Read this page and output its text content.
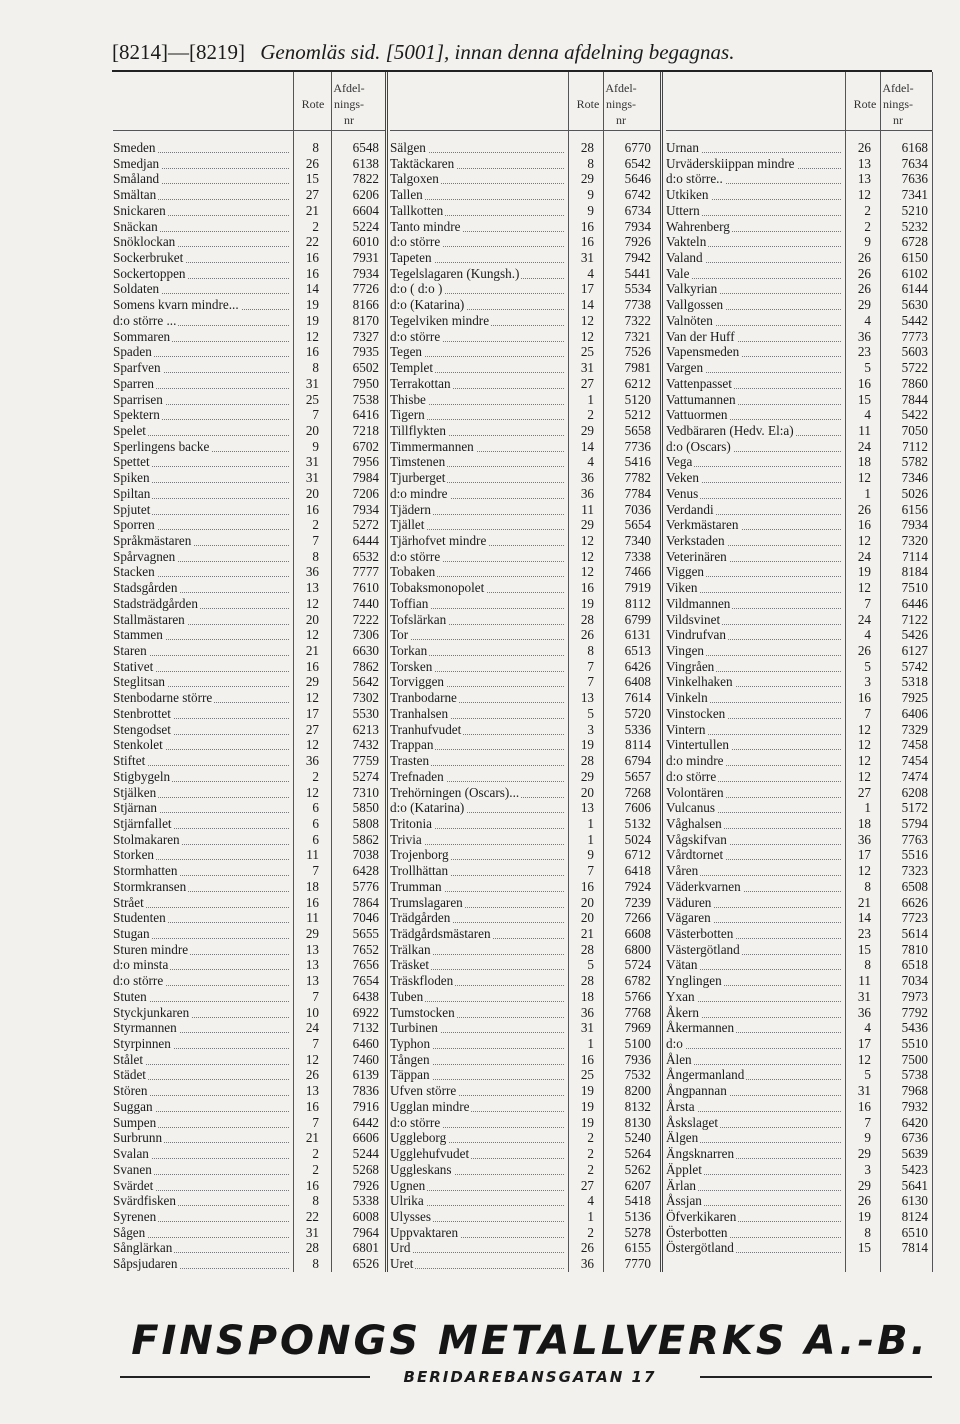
[8214]—[8219] Genomläs sid. [5001], innan denna afdelning begagnas.
Rote
Afdel-
nings-
nr
Smeden	8	6548
Smedjan	26	6138
Småland	15	7822
Smältan	27	6206
Snickaren	21	6604
Snäckan	2	5224
Snöklockan	22	6010
Sockerbruket	16	7931
Sockertoppen	16	7934
Soldaten	14	7726
Somens kvarn mindre...	19	8166
d:o större ...	19	8170
Sommaren	12	7327
Spaden	16	7935
Sparfven	8	6502
Sparren	31	7950
Sparrisen	25	7538
Spektern	7	6416
Spelet	20	7218
Sperlingens backe	9	6702
Spettet	31	7956
Spiken	31	7984
Spiltan	20	7206
Spjutet	16	7934
Sporren	2	5272
Språkmästaren	7	6444
Spårvagnen	8	6532
Stacken	36	7777
Stadsgården	13	7610
Stadsträdgården	12	7440
Stallmästaren	20	7222
Stammen	12	7306
Staren	21	6630
Stativet	16	7862
Steglitsan	29	5642
Stenbodarne större	12	7302
Stenbrottet	17	5530
Stengodset	27	6213
Stenkolet	12	7432
Stiftet	36	7759
Stigbygeln	2	5274
Stjälken	12	7310
Stjärnan	6	5850
Stjärnfallet	6	5808
Stolmakaren	6	5862
Storken	11	7038
Stormhatten	7	6428
Stormkransen	18	5776
Strået	16	7864
Studenten	11	7046
Stugan	29	5655
Sturen mindre	13	7652
d:o minsta	13	7656
d:o större	13	7654
Stuten	7	6438
Styckjunkaren	10	6922
Styrmannen	24	7132
Styrpinnen	7	6460
Stålet	12	7460
Städet	26	6139
Stören	13	7836
Suggan	16	7916
Sumpen	7	6442
Surbrunn	21	6606
Svalan	2	5244
Svanen	2	5268
Svärdet	16	7926
Svärdfisken	8	5338
Syrenen	22	6008
Sågen	31	7964
Sånglärkan	28	6801
Såpsjudaren	8	6526
Rote
Afdel-
nings-
nr
Sälgen	28	6770
Taktäckaren	8	6542
Talgoxen	29	5646
Tallen	9	6742
Tallkotten	9	6734
Tanto mindre	16	7934
d:o större	16	7926
Tapeten	31	7942
Tegelslagaren (Kungsh.)	4	5441
d:o ( d:o )	17	5534
d:o (Katarina)	14	7738
Tegelviken mindre	12	7322
d:o större	12	7321
Tegen	25	7526
Templet	31	7981
Terrakottan	27	6212
Thisbe	1	5120
Tigern	2	5212
Tillflykten	29	5658
Timmermannen	14	7736
Timstenen	4	5416
Tjurberget	36	7782
d:o mindre	36	7784
Tjädern	11	7036
Tjället	29	5654
Tjärhofvet mindre	12	7340
d:o större	12	7338
Tobaken	12	7466
Tobaksmonopolet	16	7919
Toffian	19	8112
Tofslärkan	28	6799
Tor	26	6131
Torkan	8	6513
Torsken	7	6426
Torviggen	7	6408
Tranbodarne	13	7614
Tranhalsen	5	5720
Tranhufvudet	3	5336
Trappan	19	8114
Trasten	28	6794
Trefnaden	29	5657
Trehörningen (Oscars)...	20	7268
d:o (Katarina)	13	7606
Tritonia	1	5132
Trivia	1	5024
Trojenborg	9	6712
Trollhättan	7	6418
Trumman	16	7924
Trumslagaren	20	7239
Trädgården	20	7266
Trädgårdsmästaren	21	6608
Trälkan	28	6800
Träsket	5	5724
Träskfloden	28	6782
Tuben	18	5766
Tumstocken	36	7768
Turbinen	31	7969
Typhon	1	5100
Tången	16	7936
Täppan	25	7532
Ufven större	19	8200
Ugglan mindre	19	8132
d:o större	19	8130
Uggleborg	2	5240
Ugglehufvudet	2	5264
Uggleskans	2	5262
Ugnen	27	6207
Ulrika	4	5418
Ulysses	1	5136
Uppvaktaren	2	5278
Urd	26	6155
Uret	36	7770
Rote
Afdel-
nings-
nr
Urnan	26	6168
Urväderskiippan mindre	13	7634
d:o större..	13	7636
Utkiken	12	7341
Uttern	2	5210
Wahrenberg	2	5232
Vakteln	9	6728
Valand	26	6150
Vale	26	6102
Valkyrian	26	6144
Vallgossen	29	5630
Valnöten	4	5442
Van der Huff	36	7773
Vapensmeden	23	5603
Vargen	5	5722
Vattenpasset	16	7860
Vattumannen	15	7844
Vattuormen	4	5422
Vedbäraren (Hedv. El:a)	11	7050
d:o (Oscars)	24	7112
Vega	18	5782
Veken	12	7346
Venus	1	5026
Verdandi	26	6156
Verkmästaren	16	7934
Verkstaden	12	7320
Veterinären	24	7114
Viggen	19	8184
Viken	12	7510
Vildmannen	7	6446
Vildsvinet	24	7122
Vindrufvan	4	5426
Vingen	26	6127
Vingråen	5	5742
Vinkelhaken	3	5318
Vinkeln	16	7925
Vinstocken	7	6406
Vintern	12	7329
Vintertullen	12	7458
d:o mindre	12	7454
d:o större	12	7474
Volontären	27	6208
Vulcanus	1	5172
Våghalsen	18	5794
Vågskifvan	36	7763
Vårdtornet	17	5516
Våren	12	7323
Väderkvarnen	8	6508
Väduren	21	6626
Vägaren	14	7723
Västerbotten	23	5614
Västergötland	15	7810
Vätan	8	6518
Ynglingen	11	7034
Yxan	31	7973
Åkern	36	7792
Åkermannen	4	5436
d:o	17	5510
Ålen	12	7500
Ångermanland	5	5738
Ångpannan	31	7968
Årsta	16	7932
Åskslaget	7	6420
Älgen	9	6736
Ängsknarren	29	5639
Äpplet	3	5423
Ärlan	29	5641
Åssjan	26	6130
Öfverkikaren	19	8124
Österbotten	8	6510
Östergötland	15	7814
FINSPONGS METALLVERKS A.-B.
BERIDAREBANSGATAN 17
